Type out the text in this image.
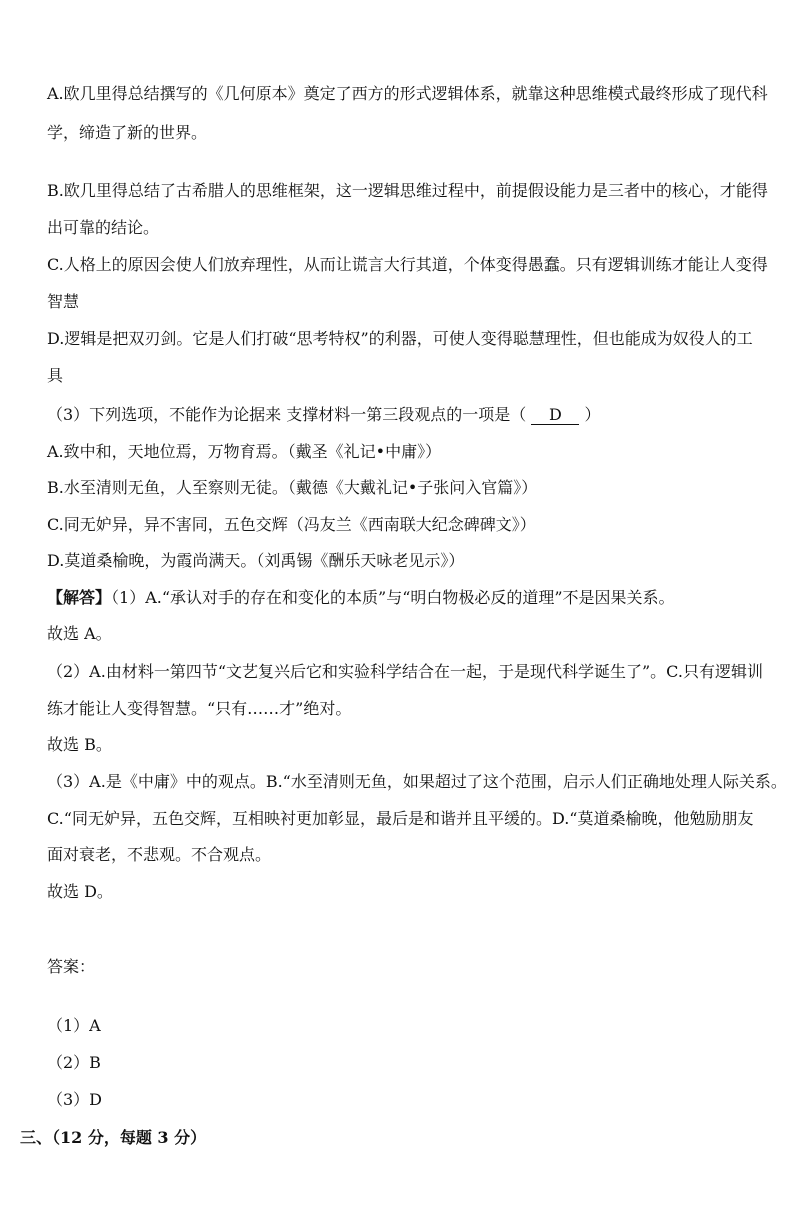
A.欧几里得总结撰写的《几何原本》奠定了西方的形式逻辑体系，就靠这种思维模式最终形成了现代科
学，缔造了新的世界。
B.欧几里得总结了古希腊人的思维框架，这一逻辑思维过程中，前提假设能力是三者中的核心，才能得
出可靠的结论。
C.人格上的原因会使人们放弃理性，从而让谎言大行其道，个体变得愚蠢。只有逻辑训练才能让人变得
智慧
D.逻辑是把双刃剑。它是人们打破“思考特权”的利器，可使人变得聪慧理性，但也能成为奴役人的工
具
（3）下列选项，不能作为论据来 支撑材料一第三段观点的一项是（ D ）
A.致中和，天地位焉，万物育焉。（戴圣《礼记•中庸》）
B.水至清则无鱼，人至察则无徒。（戴德《大戴礼记•子张问入官篇》）
C.同无妒异，异不害同，五色交辉（冯友兰《西南联大纪念碑碑文》）
D.莫道桑榆晚，为霞尚满天。（刘禹锡《酬乐天咏老见示》）
【解答】（1）A.“承认对手的存在和变化的本质”与“明白物极必反的道理”不是因果关系。
故选 A。
（2）A.由材料一第四节“文艺复兴后它和实验科学结合在一起，于是现代科学诞生了”。C.只有逻辑训
练才能让人变得智慧。“只有……才”绝对。
故选 B。
（3）A.是《中庸》中的观点。B.“水至清则无鱼，如果超过了这个范围，启示人们正确地处理人际关系。
C.“同无妒异，五色交辉，互相映衬更加彰显，最后是和谐并且平缓的。D.“莫道桑榆晚，他勉励朋友
面对衰老，不悲观。不合观点。
故选 D。
答案：
（1）A
（2）B
（3）D
三、（12 分，每题 3 分）
